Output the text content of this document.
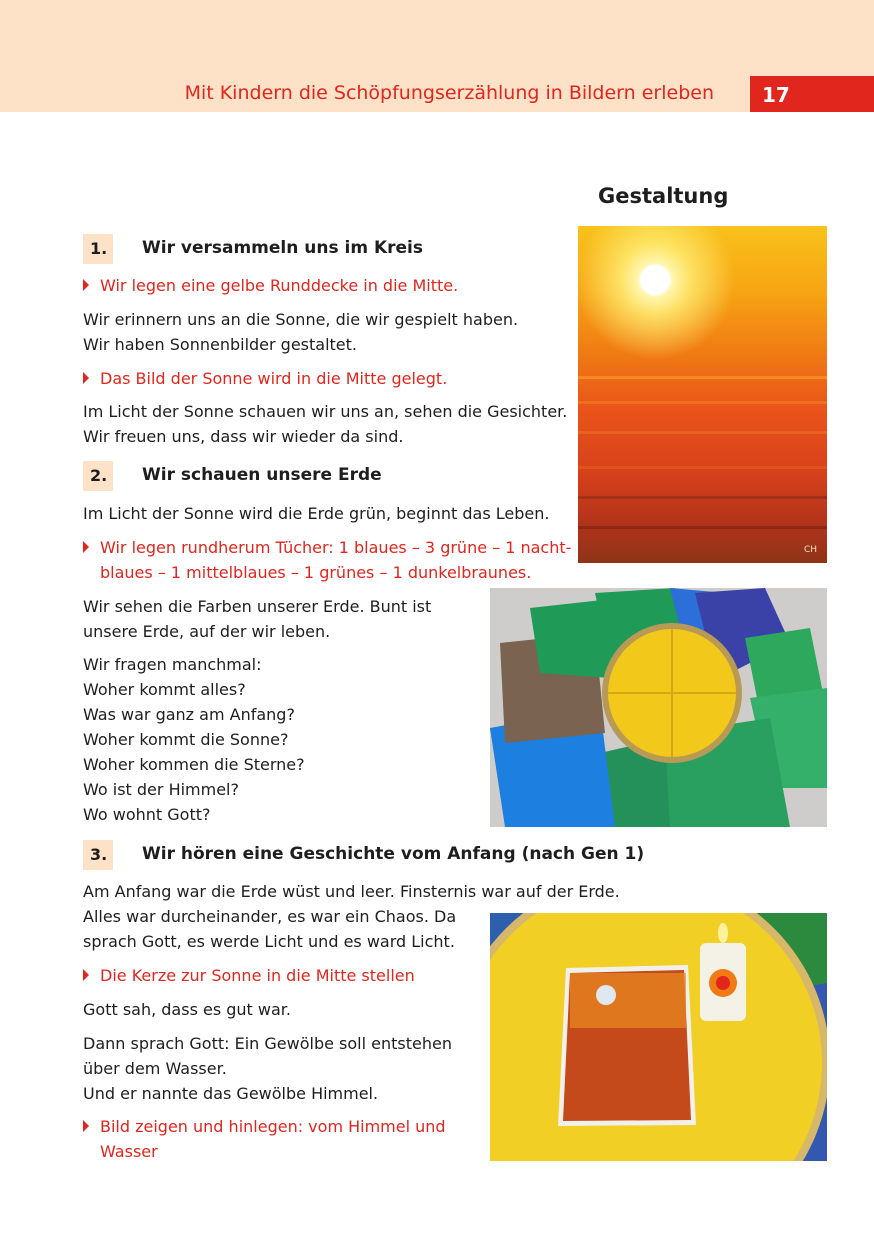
Mit Kindern die Schöpfungserzählung in Bildern erleben	17
Gestaltung
1.	Wir versammeln uns im Kreis
Wir legen eine gelbe Runddecke in die Mitte.
Wir erinnern uns an die Sonne, die wir gespielt haben.
Wir haben Sonnenbilder gestaltet.
Das Bild der Sonne wird in die Mitte gelegt.
Im Licht der Sonne schauen wir uns an, sehen die Gesichter.
Wir freuen uns, dass wir wieder da sind.
2.	Wir schauen unsere Erde
Im Licht der Sonne wird die Erde grün, beginnt das Leben.
Wir legen rundherum Tücher: 1 blaues – 3 grüne – 1 nacht-
blaues – 1 mittelblaues – 1 grünes – 1 dunkelbraunes.
Wir sehen die Farben unserer Erde. Bunt ist
unsere Erde, auf der wir leben.
Wir fragen manchmal:
Woher kommt alles?
Was war ganz am Anfang?
Woher kommt die Sonne?
Woher kommen die Sterne?
Wo ist der Himmel?
Wo wohnt Gott?
3.	Wir hören eine Geschichte vom Anfang (nach Gen 1)
Am Anfang war die Erde wüst und leer. Finsternis war auf der Erde.
Alles war durcheinander, es war ein Chaos. Da
sprach Gott, es werde Licht und es ward Licht.
Die Kerze zur Sonne in die Mitte stellen
Gott sah, dass es gut war.
Dann sprach Gott: Ein Gewölbe soll entstehen
über dem Wasser.
Und er nannte das Gewölbe Himmel.
Bild zeigen und hinlegen: vom Himmel und
Wasser
CH
